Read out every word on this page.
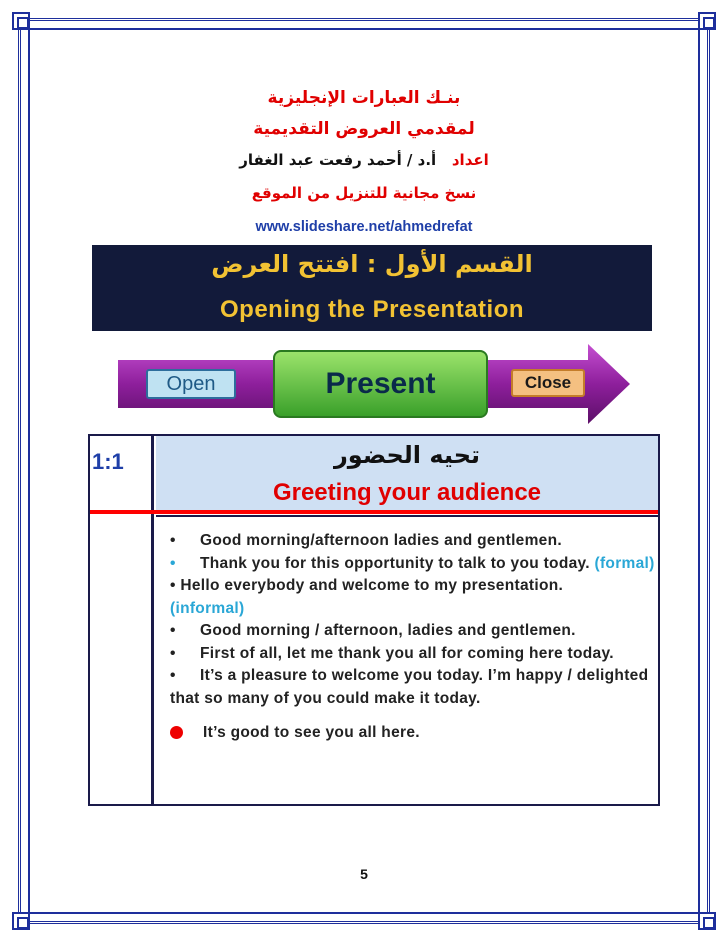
بنـك العبارات الإنجليزية
لمقدمي العروض التقديمية
اعداد   أ.د / أحمد رفعت عبد الغفار
نسخ مجانية للتنزيل من الموقع
www.slideshare.net/ahmedrefat
القسم الأول : افتتح العرض
Opening the Presentation
Open	Present	Close
1:1	تحيه الحضور
Greeting your audience
• Good morning/afternoon ladies and gentlemen.
• Thank you for this opportunity to talk to you today. (formal)
• Hello everybody and welcome to my presentation.
(informal)
• Good morning / afternoon, ladies and gentlemen.
• First of all, let me thank you all for coming here today.
• It’s a pleasure to welcome you today. I’m happy / delighted that so many of you could make it today.
It’s good to see you all here.
5
